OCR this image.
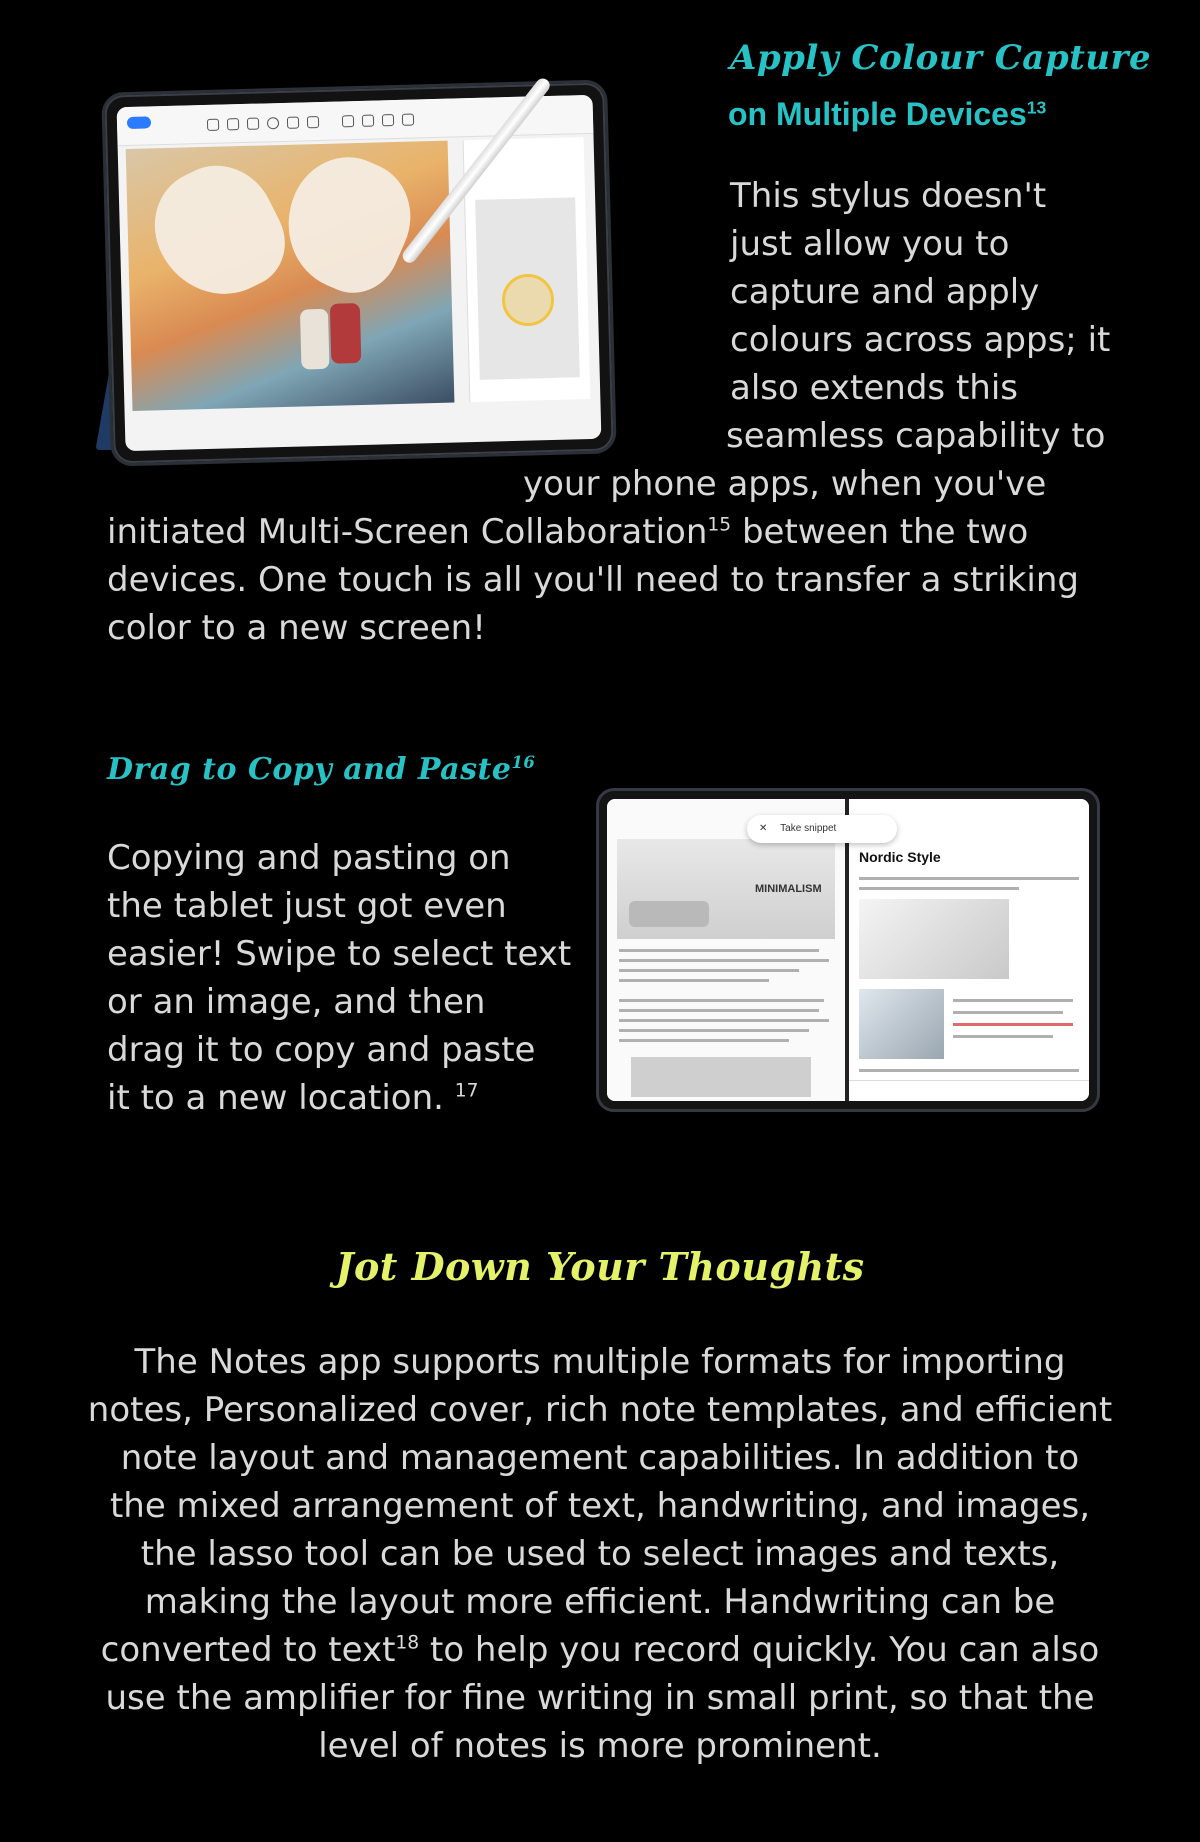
Apply Colour Capture
on Multiple Devices$^{13}$
This stylus doesn't
just allow you to
capture and apply
colours across apps; it
also extends this
seamless capability to
your phone apps, when you've
initiated Multi-Screen Collaboration$^{15}$ between the two
devices. One touch is all you'll need to transfer a striking
color to a new screen!
Drag to Copy and Paste$^{16}$
Copying and pasting on
the tablet just got even
easier! Swipe to select text
or an image, and then
drag it to copy and paste
it to a new location. $^{17}$
MINIMALISM
Nordic Style
✕ Take snippet
Jot Down Your Thoughts
The Notes app supports multiple formats for importing
notes, Personalized cover, rich note templates, and efficient
note layout and management capabilities. In addition to
the mixed arrangement of text, handwriting, and images,
the lasso tool can be used to select images and texts,
making the layout more efficient. Handwriting can be
converted to text$^{18}$ to help you record quickly. You can also
use the amplifier for fine writing in small print, so that the
level of notes is more prominent.
